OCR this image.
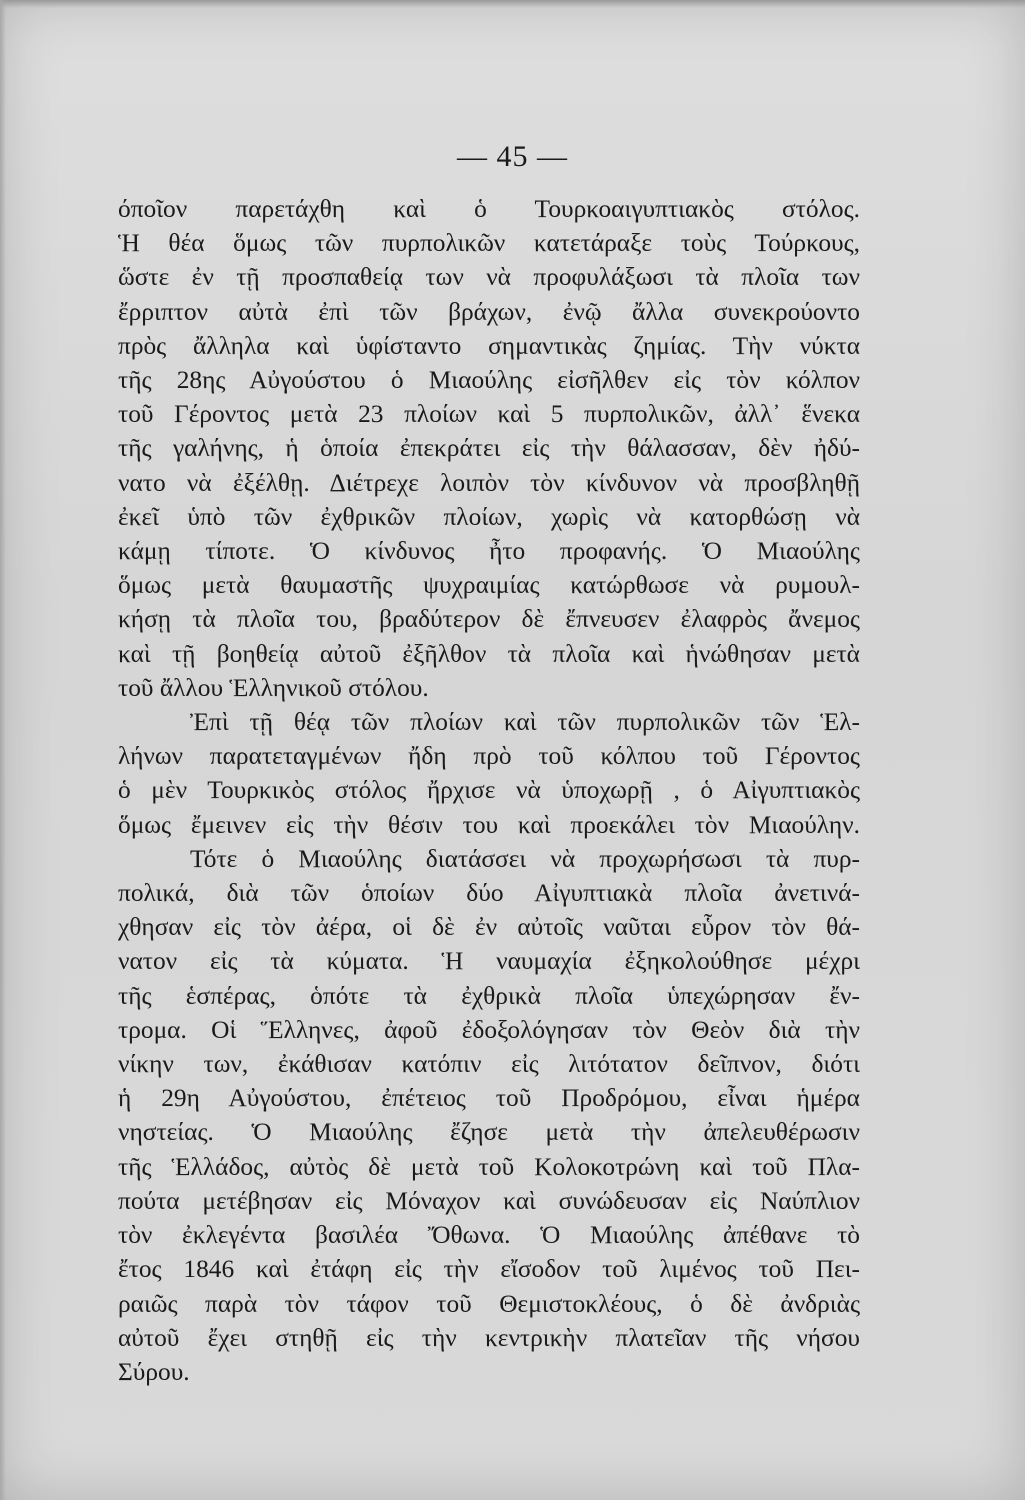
— 45 —
όποῖον παρετάχθη καὶ ὁ Τουρκοαιγυπτιακὸς στόλος.
Ἡ θέα ὅμως τῶν πυρπολικῶν κατετάραξε τοὺς Τούρκους,
ὥστε ἐν τῇ προσπαθείᾳ των νὰ προφυλάξωσι τὰ πλοῖα των
ἔρριπτον αὐτὰ ἐπὶ τῶν βράχων, ἐνῷ ἄλλα συνεκρούοντο
πρὸς ἄλληλα καὶ ὑφίσταντο σημαντικὰς ζημίας. Τὴν νύκτα
τῆς 28ης Αὐγούστου ὁ Μιαούλης εἰσῆλθεν εἰς τὸν κόλπον
τοῦ Γέροντος μετὰ 23 πλοίων καὶ 5 πυρπολικῶν, ἀλλ᾿ ἕνεκα
τῆς γαλήνης, ἡ ὁποία ἐπεκράτει εἰς τὴν θάλασσαν, δὲν ἠδύ-
νατο νὰ ἐξέλθῃ. Διέτρεχε λοιπὸν τὸν κίνδυνον νὰ προσβληθῇ
ἐκεῖ ὑπὸ τῶν ἐχθρικῶν πλοίων, χωρὶς νὰ κατορθώσῃ νὰ
κάμῃ τίποτε. Ὁ κίνδυνος ἦτο προφανής. Ὁ Μιαούλης
ὅμως μετὰ θαυμαστῆς ψυχραιμίας κατώρθωσε νὰ ρυμουλ-
κήσῃ τὰ πλοῖα του, βραδύτερον δὲ ἔπνευσεν ἐλαφρὸς ἄνεμος
καὶ τῇ βοηθείᾳ αὐτοῦ ἐξῆλθον τὰ πλοῖα καὶ ἡνώθησαν μετὰ
τοῦ ἄλλου Ἑλληνικοῦ στόλου.
Ἐπὶ τῇ θέᾳ τῶν πλοίων καὶ τῶν πυρπολικῶν τῶν Ἑλ-
λήνων παρατεταγμένων ἤδη πρὸ τοῦ κόλπου τοῦ Γέροντος
ὁ μὲν Τουρκικὸς στόλος ἤρχισε νὰ ὑποχωρῇ , ὁ Αἰγυπτιακὸς
ὅμως ἔμεινεν εἰς τὴν θέσιν του καὶ προεκάλει τὸν Μιαούλην.
Τότε ὁ Μιαούλης διατάσσει νὰ προχωρήσωσι τὰ πυρ-
πολικά, διὰ τῶν ὁποίων δύο Αἰγυπτιακὰ πλοῖα ἀνετινά-
χθησαν εἰς τὸν ἀέρα, οἱ δὲ ἐν αὐτοῖς ναῦται εὗρον τὸν θά-
νατον εἰς τὰ κύματα. Ἡ ναυμαχία ἐξηκολούθησε μέχρι
τῆς ἑσπέρας, ὁπότε τὰ ἐχθρικὰ πλοῖα ὑπεχώρησαν ἔν-
τρομα. Οἱ Ἕλληνες, ἀφοῦ ἐδοξολόγησαν τὸν Θεὸν διὰ τὴν
νίκην των, ἐκάθισαν κατόπιν εἰς λιτότατον δεῖπνον, διότι
ἡ 29η Αὐγούστου, ἐπέτειος τοῦ Προδρόμου, εἶναι ἡμέρα
νηστείας. Ὁ Μιαούλης ἔζησε μετὰ τὴν ἀπελευθέρωσιν
τῆς Ἑλλάδος, αὐτὸς δὲ μετὰ τοῦ Κολοκοτρώνη καὶ τοῦ Πλα-
πούτα μετέβησαν εἰς Μόναχον καὶ συνώδευσαν εἰς Ναύπλιον
τὸν ἐκλεγέντα βασιλέα Ὄθωνα. Ὁ Μιαούλης ἀπέθανε τὸ
ἔτος 1846 καὶ ἐτάφη εἰς τὴν εἴσοδον τοῦ λιμένος τοῦ Πει-
ραιῶς παρὰ τὸν τάφον τοῦ Θεμιστοκλέους, ὁ δὲ ἀνδριὰς
αὐτοῦ ἔχει στηθῇ εἰς τὴν κεντρικὴν πλατεῖαν τῆς νήσου
Σύρου.
